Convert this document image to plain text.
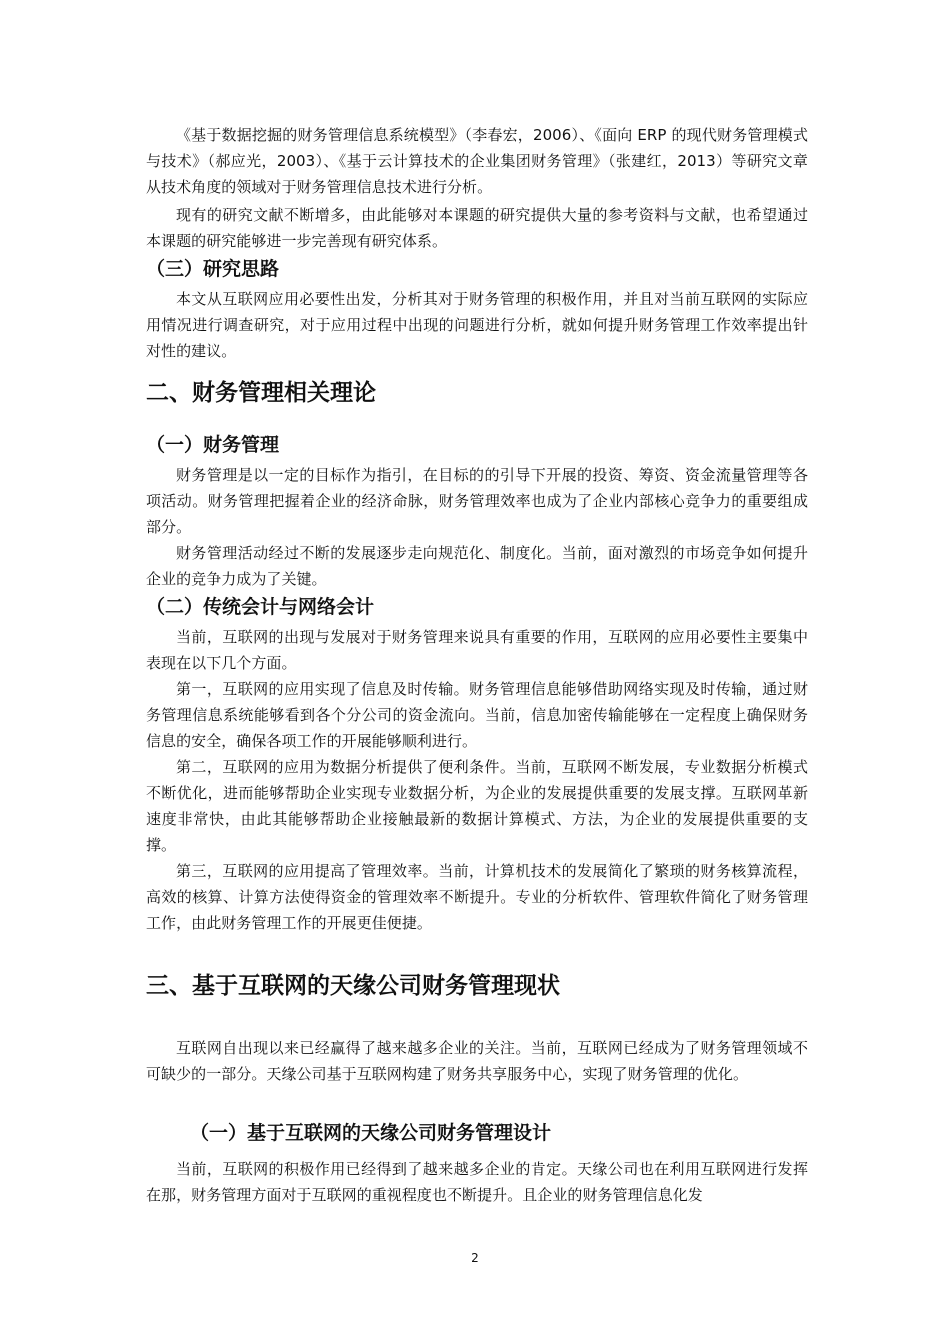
《基于数据挖掘的财务管理信息系统模型》（李春宏，2006）、《面向 ERP 的现代财务管理模式与技术》（郝应光，2003）、《基于云计算技术的企业集团财务管理》（张建红，2013）等研究文章从技术角度的领域对于财务管理信息技术进行分析。

现有的研究文献不断增多，由此能够对本课题的研究提供大量的参考资料与文献，也希望通过本课题的研究能够进一步完善现有研究体系。

（三）研究思路

本文从互联网应用必要性出发，分析其对于财务管理的积极作用，并且对当前互联网的实际应用情况进行调查研究，对于应用过程中出现的问题进行分析，就如何提升财务管理工作效率提出针对性的建议。

二、财务管理相关理论
（一）财务管理

财务管理是以一定的目标作为指引，在目标的的引导下开展的投资、筹资、资金流量管理等各项活动。财务管理把握着企业的经济命脉，财务管理效率也成为了企业内部核心竞争力的重要组成部分。

财务管理活动经过不断的发展逐步走向规范化、制度化。当前，面对激烈的市场竞争如何提升企业的竞争力成为了关键。

（二）传统会计与网络会计

当前，互联网的出现与发展对于财务管理来说具有重要的作用，互联网的应用必要性主要集中表现在以下几个方面。

第一，互联网的应用实现了信息及时传输。财务管理信息能够借助网络实现及时传输，通过财务管理信息系统能够看到各个分公司的资金流向。当前，信息加密传输能够在一定程度上确保财务信息的安全，确保各项工作的开展能够顺利进行。

第二，互联网的应用为数据分析提供了便利条件。当前，互联网不断发展，专业数据分析模式不断优化，进而能够帮助企业实现专业数据分析，为企业的发展提供重要的发展支撑。互联网革新速度非常快，由此其能够帮助企业接触最新的数据计算模式、方法，为企业的发展提供重要的支撑。

第三，互联网的应用提高了管理效率。当前，计算机技术的发展简化了繁琐的财务核算流程，高效的核算、计算方法使得资金的管理效率不断提升。专业的分析软件、管理软件简化了财务管理工作，由此财务管理工作的开展更佳便捷。

三、基于互联网的天缘公司财务管理现状

互联网自出现以来已经赢得了越来越多企业的关注。当前，互联网已经成为了财务管理领域不可缺少的一部分。天缘公司基于互联网构建了财务共享服务中心，实现了财务管理的优化。

（一）基于互联网的天缘公司财务管理设计

当前，互联网的积极作用已经得到了越来越多企业的肯定。天缘公司也在利用互联网进行发挥在那，财务管理方面对于互联网的重视程度也不断提升。且企业的财务管理信息化发

2
